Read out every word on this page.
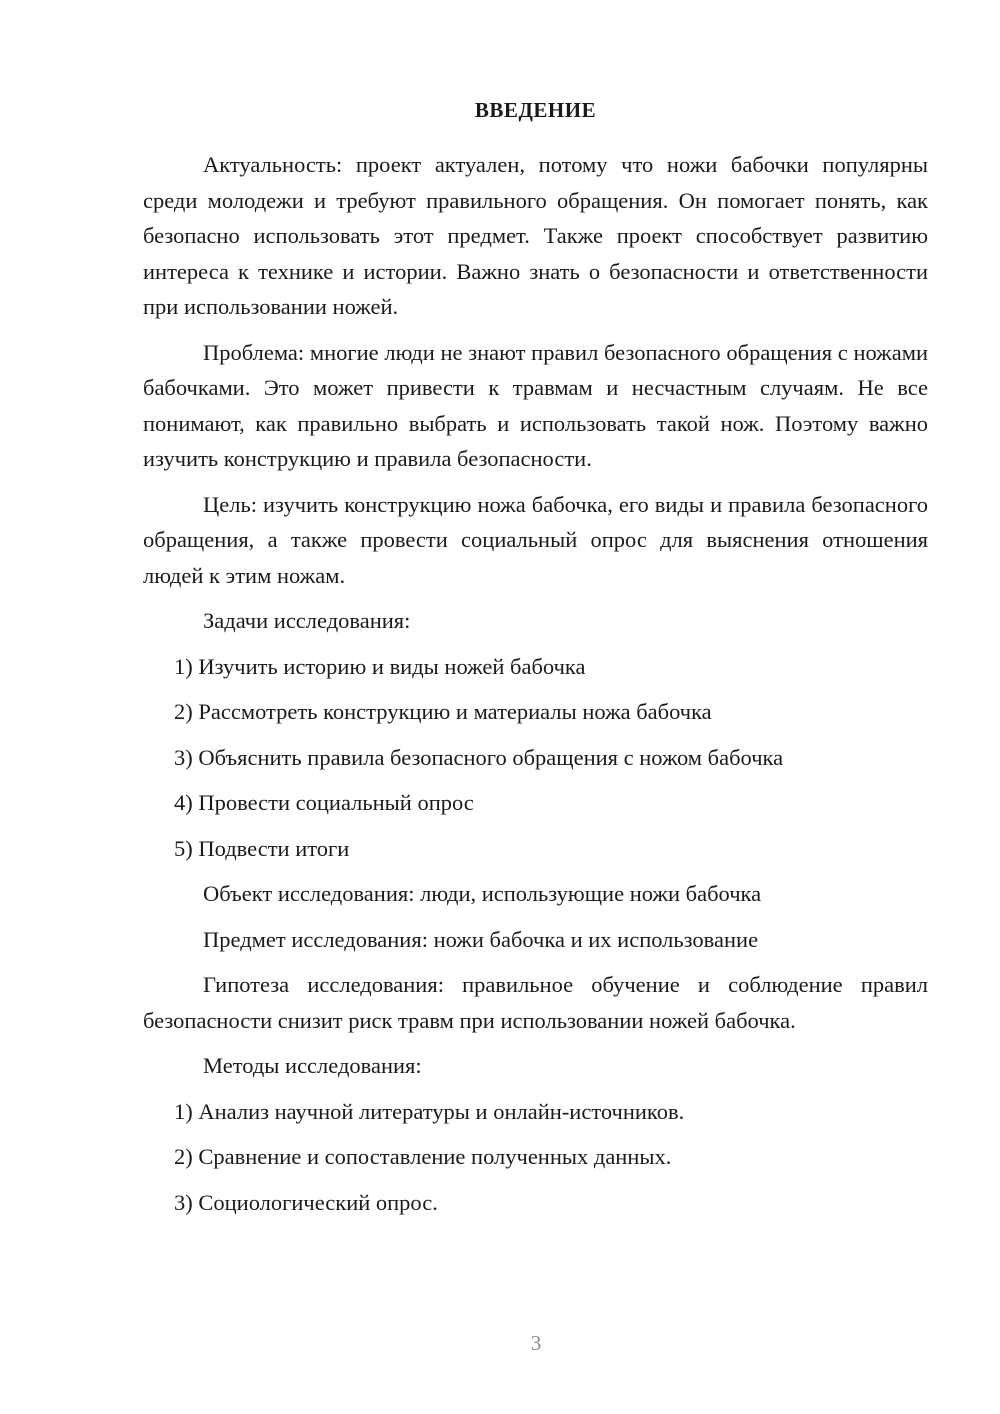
ВВЕДЕНИЕ

Актуальность: проект актуален, потому что ножи бабочки популярны среди молодежи и требуют правильного обращения. Он помогает понять, как безопасно использовать этот предмет. Также проект способствует развитию интереса к технике и истории. Важно знать о безопасности и ответственности при использовании ножей.

Проблема: многие люди не знают правил безопасного обращения с ножами бабочками. Это может привести к травмам и несчастным случаям. Не все понимают, как правильно выбрать и использовать такой нож. Поэтому важно изучить конструкцию и правила безопасности.

Цель: изучить конструкцию ножа бабочка, его виды и правила безопасного обращения, а также провести социальный опрос для выяснения отношения людей к этим ножам.

Задачи исследования:

1) Изучить историю и виды ножей бабочка

2) Рассмотреть конструкцию и материалы ножа бабочка

3) Объяснить правила безопасного обращения с ножом бабочка

4) Провести социальный опрос

5) Подвести итоги

Объект исследования: люди, использующие ножи бабочка

Предмет исследования: ножи бабочка и их использование

Гипотеза исследования: правильное обучение и соблюдение правил безопасности снизит риск травм при использовании ножей бабочка.

Методы исследования:

1) Анализ научной литературы и онлайн-источников.

2) Сравнение и сопоставление полученных данных.

3) Социологический опрос.

3
